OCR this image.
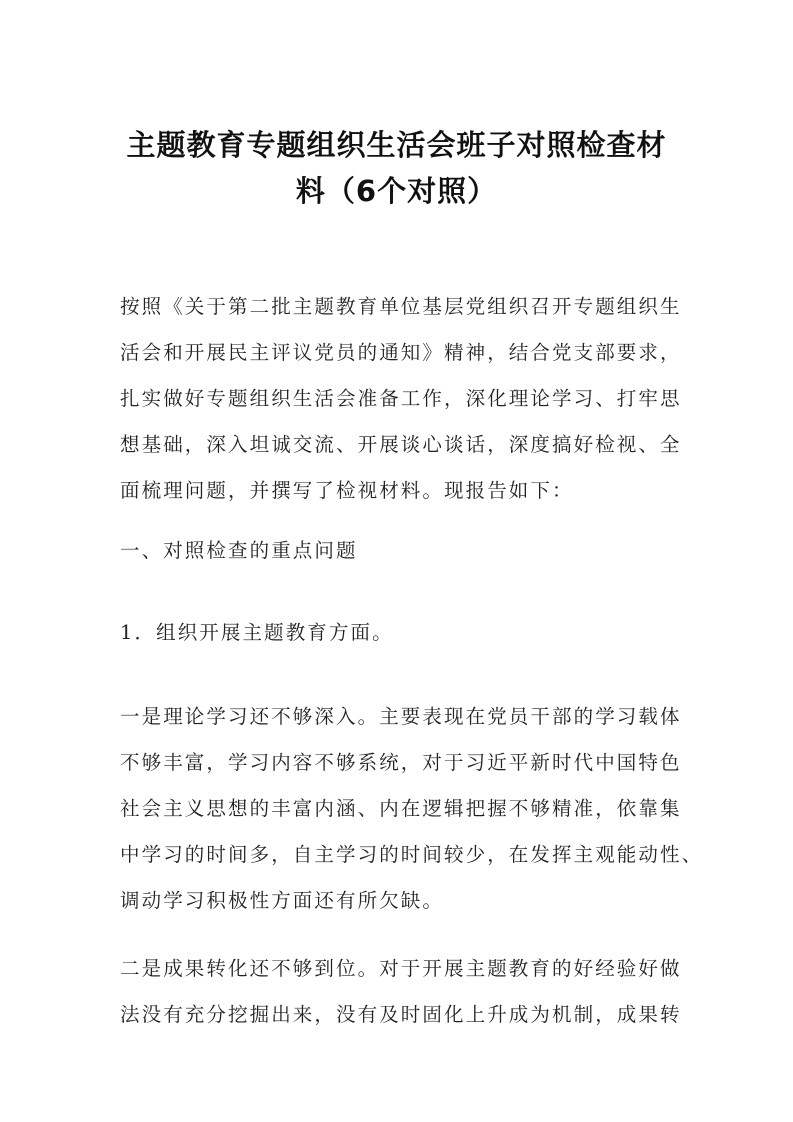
主题教育专题组织生活会班子对照检查材
料（6个对照）
按照《关于第二批主题教育单位基层党组织召开专题组织生
活会和开展民主评议党员的通知》精神，结合党支部要求，
扎实做好专题组织生活会准备工作，深化理论学习、打牢思
想基础，深入坦诚交流、开展谈心谈话，深度搞好检视、全
面梳理问题，并撰写了检视材料。现报告如下：
一、对照检查的重点问题
1．组织开展主题教育方面。
一是理论学习还不够深入。主要表现在党员干部的学习载体
不够丰富，学习内容不够系统，对于习近平新时代中国特色
社会主义思想的丰富内涵、内在逻辑把握不够精准，依靠集
中学习的时间多，自主学习的时间较少，在发挥主观能动性、
调动学习积极性方面还有所欠缺。
二是成果转化还不够到位。对于开展主题教育的好经验好做
法没有充分挖掘出来，没有及时固化上升成为机制，成果转
